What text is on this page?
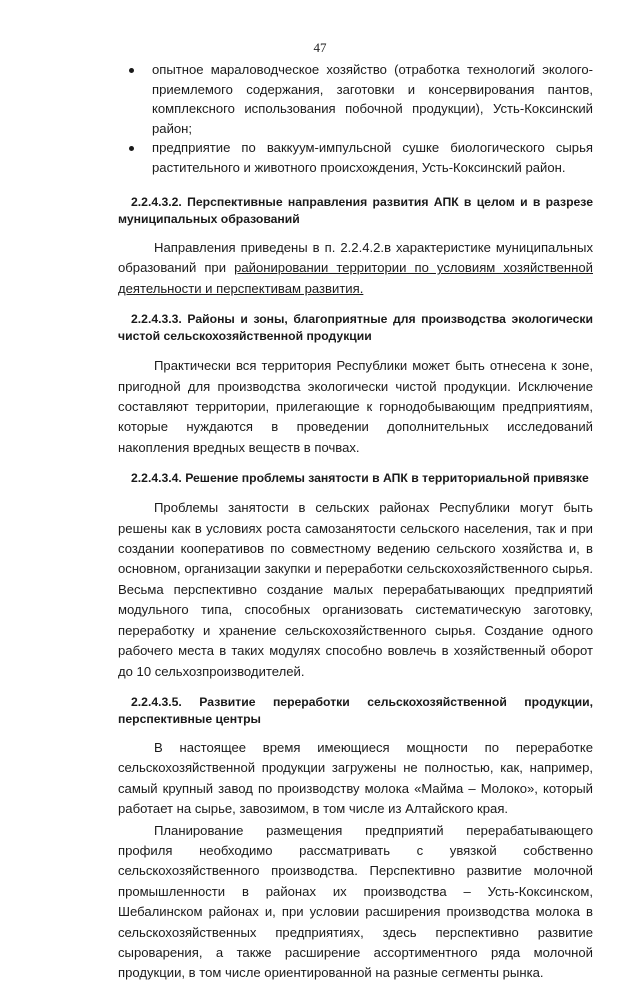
47
опытное мараловодческое хозяйство (отработка технологий эколого-приемлемого содержания, заготовки и консервирования пантов, комплексного использования побочной продукции), Усть-Коксинский район;
предприятие по ваккуум-импульсной сушке биологического сырья растительного и животного происхождения, Усть-Коксинский район.
2.2.4.3.2. Перспективные направления развития АПК в целом и в разрезе муниципальных образований

Направления приведены в п. 2.2.4.2.в характеристике муниципальных образований при районировании территории по условиям хозяйственной деятельности и перспективам развития.

2.2.4.3.3. Районы и зоны, благоприятные для производства экологически чистой сельскохозяйственной продукции

Практически вся территория Республики может быть отнесена к зоне, пригодной для производства экологически чистой продукции. Исключение составляют территории, прилегающие к горнодобывающим предприятиям, которые нуждаются в проведении дополнительных исследований накопления вредных веществ в почвах.

2.2.4.3.4. Решение проблемы занятости в АПК в территориальной привязке

Проблемы занятости в сельских районах Республики могут быть решены как в условиях роста самозанятости сельского населения, так и при создании кооперативов по совместному ведению сельского хозяйства и, в основном, организации закупки и переработки сельскохозяйственного сырья. Весьма перспективно создание малых перерабатывающих предприятий модульного типа, способных организовать систематическую заготовку, переработку и хранение сельскохозяйственного сырья. Создание одного рабочего места в таких модулях способно вовлечь в хозяйственный оборот до 10 сельхозпроизводителей.

2.2.4.3.5. Развитие переработки сельскохозяйственной продукции, перспективные центры

В настоящее время имеющиеся мощности по переработке сельскохозяйственной продукции загружены не полностью, как, например, самый крупный завод по производству молока «Майма – Молоко», который работает на сырье, завозимом, в том числе из Алтайского края.

Планирование размещения предприятий перерабатывающего профиля необходимо рассматривать с увязкой собственно сельскохозяйственного производства. Перспективно развитие молочной промышленности в районах их производства – Усть-Коксинском, Шебалинском районах и, при условии расширения производства молока в сельскохозяйственных предприятиях, здесь перспективно развитие сыроварения, а также расширение ассортиментного ряда молочной продукции, в том числе ориентированной на разные сегменты рынка.
